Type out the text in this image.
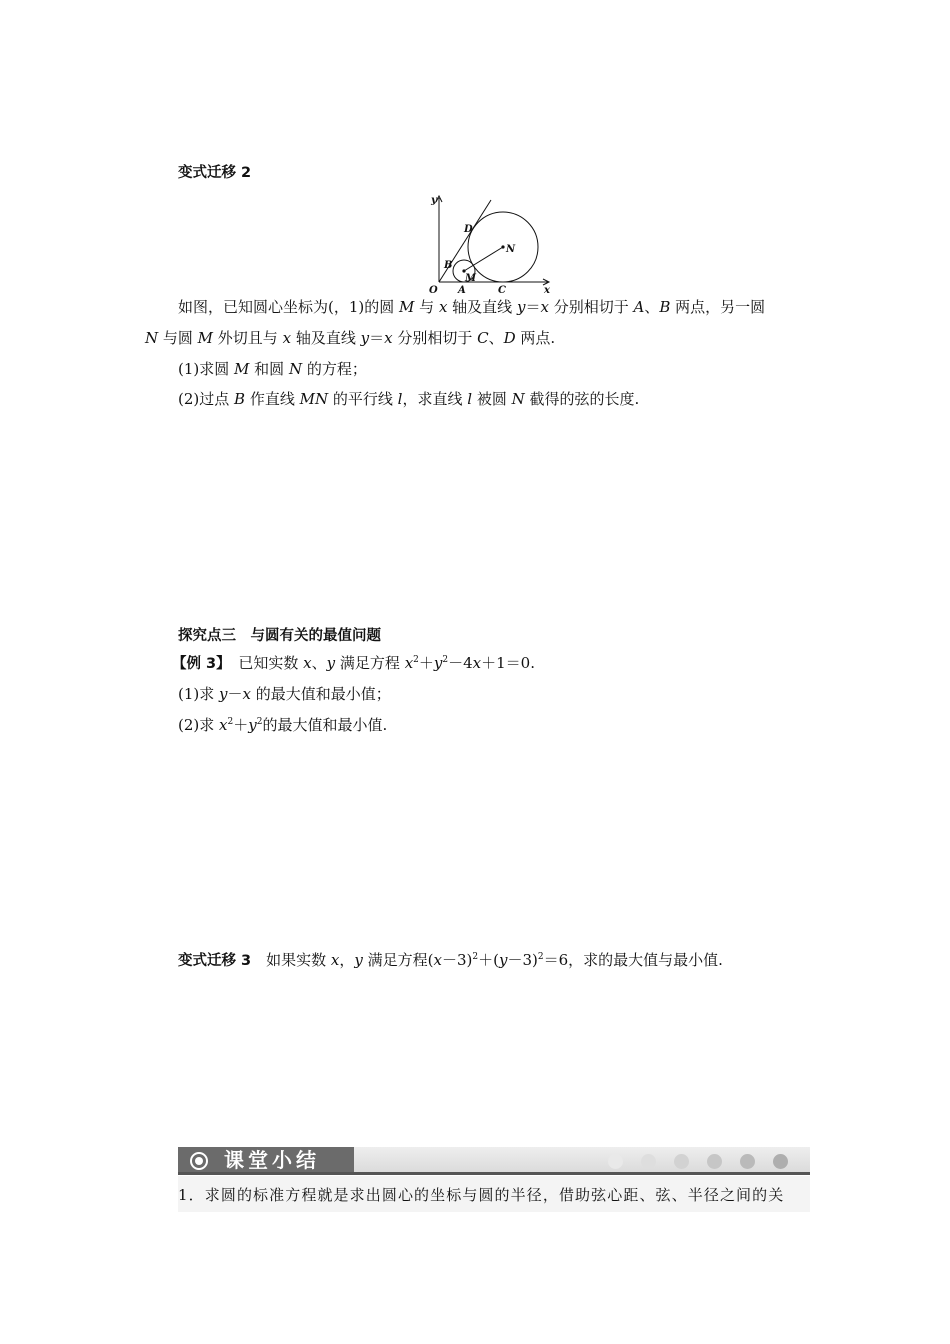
变式迁移 2
y
O A	C	x
B
M
D
N
如图，已知圆心坐标为(，1)的圆 M 与 x 轴及直线 y＝x 分别相切于 A、B 两点，另一圆
N 与圆 M 外切且与 x 轴及直线 y＝x 分别相切于 C、D 两点.
(1)求圆 M 和圆 N 的方程；
(2)过点 B 作直线 MN 的平行线 l，求直线 l 被圆 N 截得的弦的长度.
探究点三　与圆有关的最值问题
【例 3】　已知实数 x、y 满足方程 $x^2+y^2-4x+1=0$.
(1)求 y－x 的最大值和最小值；
(2)求 $x^2+y^2$的最大值和最小值.
变式迁移 3　如果实数 x，y 满足方程$(x-3)^2+(y-3)^2=6$，求的最大值与最小值.
课堂小结
1．求圆的标准方程就是求出圆心的坐标与圆的半径，借助弦心距、弦、半径之间的关
